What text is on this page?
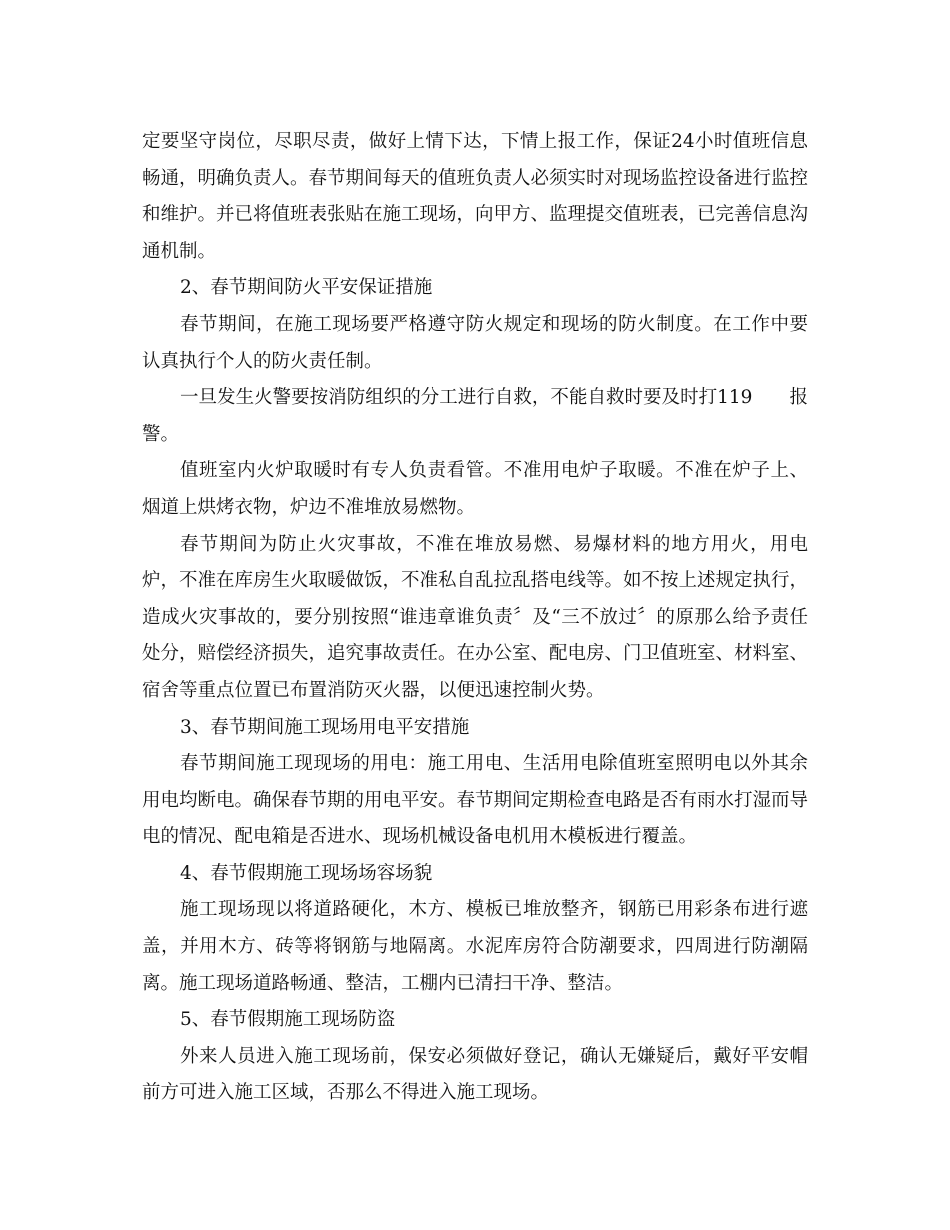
定要坚守岗位，尽职尽责，做好上情下达，下情上报工作，保证24小时值班信息畅通，明确负责人。春节期间每天的值班负责人必须实时对现场监控设备进行监控和维护。并已将值班表张贴在施工现场，向甲方、监理提交值班表，已完善信息沟通机制。

2、春节期间防火平安保证措施

春节期间，在施工现场要严格遵守防火规定和现场的防火制度。在工作中要认真执行个人的防火责任制。

一旦发生火警要按消防组织的分工进行自救，不能自救时要及时打119　　报警。

值班室内火炉取暖时有专人负责看管。不准用电炉子取暖。不准在炉子上、烟道上烘烤衣物，炉边不准堆放易燃物。

春节期间为防止火灾事故，不准在堆放易燃、易爆材料的地方用火，用电炉，不准在库房生火取暖做饭，不准私自乱拉乱搭电线等。如不按上述规定执行，造成火灾事故的，要分别按照“谁违章谁负责〞及“三不放过〞的原那么给予责任处分，赔偿经济损失，追究事故责任。在办公室、配电房、门卫值班室、材料室、宿舍等重点位置已布置消防灭火器，以便迅速控制火势。

3、春节期间施工现场用电平安措施

春节期间施工现现场的用电：施工用电、生活用电除值班室照明电以外其余用电均断电。确保春节期的用电平安。春节期间定期检查电路是否有雨水打湿而导电的情况、配电箱是否进水、现场机械设备电机用木模板进行覆盖。

4、春节假期施工现场场容场貌

施工现场现以将道路硬化，木方、模板已堆放整齐，钢筋已用彩条布进行遮盖，并用木方、砖等将钢筋与地隔离。水泥库房符合防潮要求，四周进行防潮隔离。施工现场道路畅通、整洁，工棚内已清扫干净、整洁。

5、春节假期施工现场防盗

外来人员进入施工现场前，保安必须做好登记，确认无嫌疑后，戴好平安帽前方可进入施工区域，否那么不得进入施工现场。
